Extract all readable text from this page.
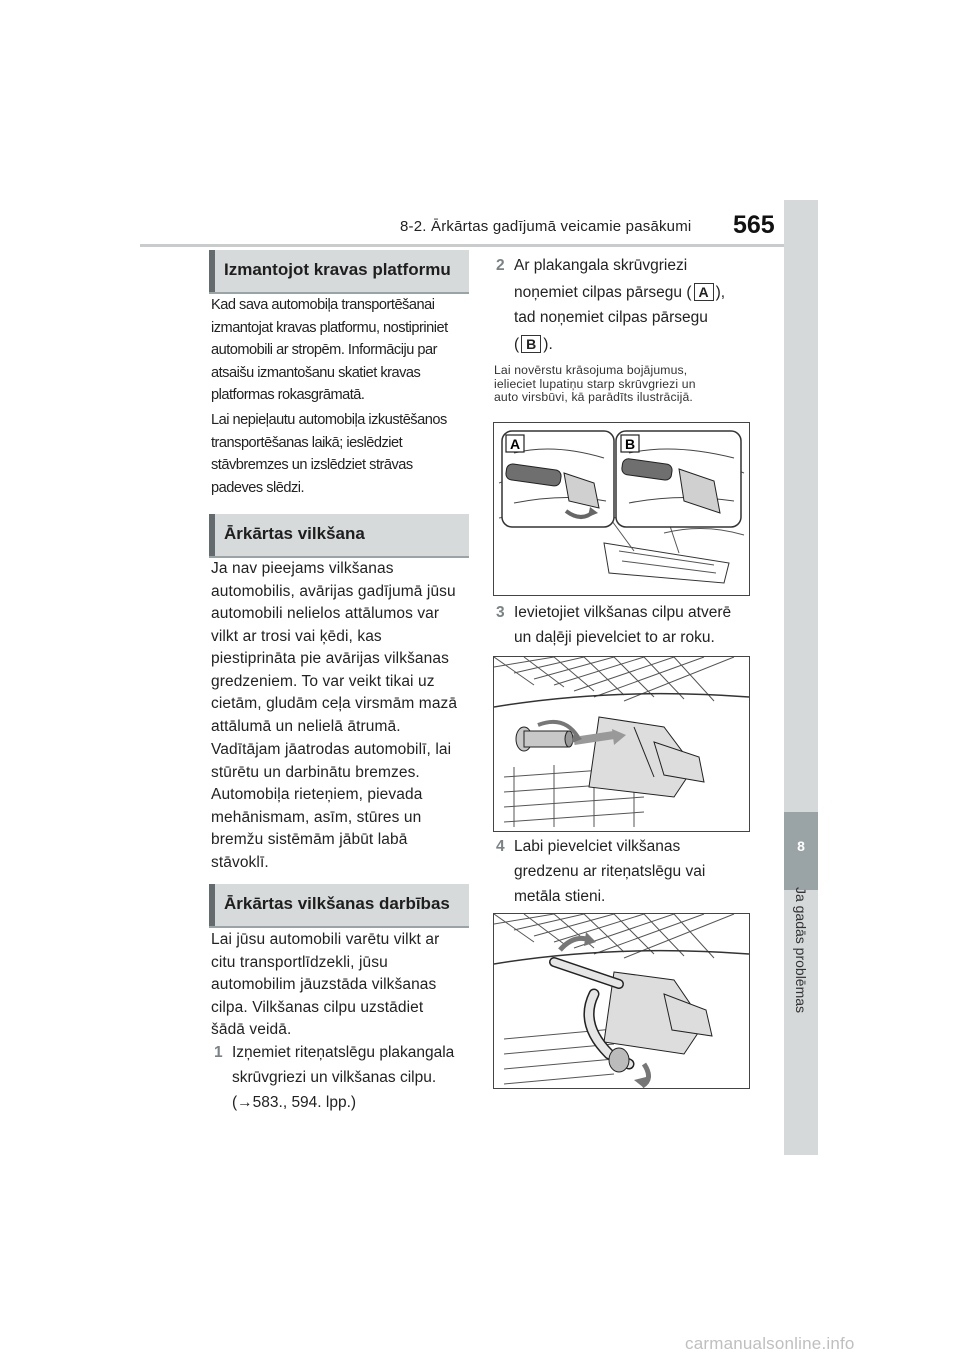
8-2. Ārkārtas gadījumā veicamie pasākumi 565
8
Ja gadās problēmas
Izmantojot kravas platformu
Kad sava automobiļa transportēšanai
izmantojat kravas platformu, nostipriniet
automobili ar stropēm. Informāciju par
atsaišu izmantošanu skatiet kravas
platformas rokasgrāmatā.
Lai nepieļautu automobiļa izkustēšanos
transportēšanas laikā; ieslēdziet
stāvbremzes un izslēdziet strāvas
padeves slēdzi.
Ārkārtas vilkšana
Ja nav pieejams vilkšanas
automobilis, avārijas gadījumā jūsu
automobili nelielos attālumos var
vilkt ar trosi vai ķēdi, kas
piestiprināta pie avārijas vilkšanas
gredzeniem. To var veikt tikai uz
cietām, gludām ceļa virsmām mazā
attālumā un nelielā ātrumā.
Vadītājam jāatrodas automobilī, lai
stūrētu un darbinātu bremzes.
Automobiļa rieteņiem, pievada
mehānismam, asīm, stūres un
bremžu sistēmām jābūt labā
stāvoklī.
Ārkārtas vilkšanas darbības
Lai jūsu automobili varētu vilkt ar
citu transportlīdzekli, jūsu
automobilim jāuzstāda vilkšanas
cilpa. Vilkšanas cilpu uzstādiet
šādā veidā.
1 Izņemiet riteņatslēgu plakangala
skrūvgriezi un vilkšanas cilpu.
(→583., 594. lpp.)
2 Ar plakangala skrūvgriezi
noņemiet cilpas pārsegu ( A ),
tad noņemiet cilpas pārsegu
( B ).
Lai novērstu krāsojuma bojājumus,
ielieciet lupatiņu starp skrūvgriezi un
auto virsbūvi, kā parādīts ilustrācijā.
A	B
3 Ievietojiet vilkšanas cilpu atverē
un daļēji pievelciet to ar roku.
4 Labi pievelciet vilkšanas
gredzenu ar riteņatslēgu vai
metāla stieni.
carmanualsonline.info
